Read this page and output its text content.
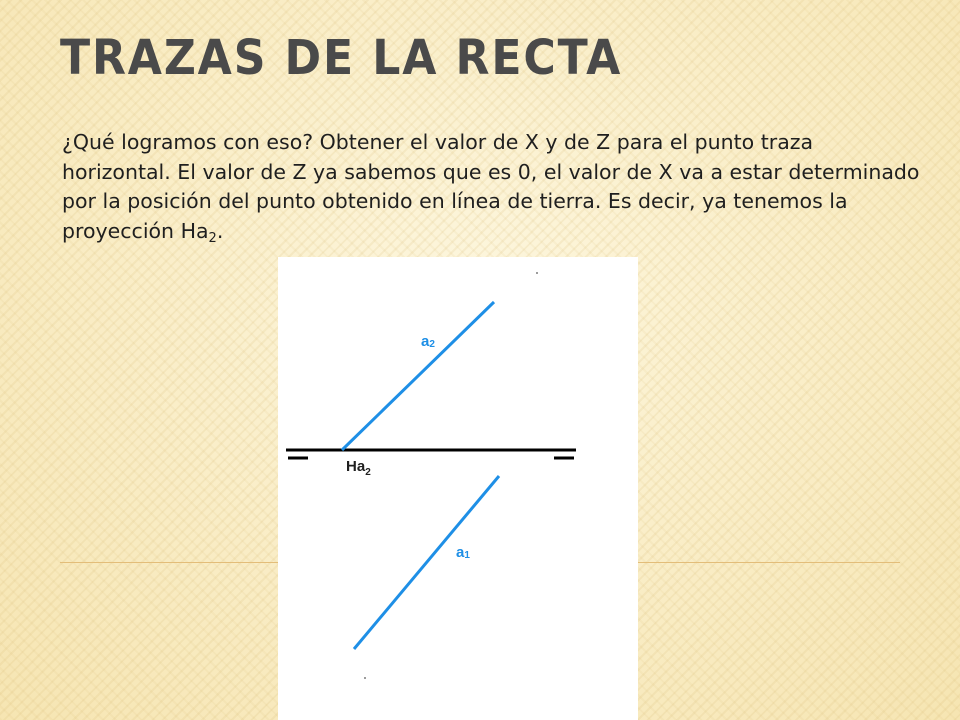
TRAZAS DE LA RECTA

¿Qué logramos con eso? Obtener el valor de X y de Z para el punto traza horizontal. El valor de Z ya sabemos que es 0, el valor de X va a estar determinado por la posición del punto obtenido en línea de tierra. Es decir, ya tenemos la proyección $Ha_2$.

a2
$Ha_2$
a1
